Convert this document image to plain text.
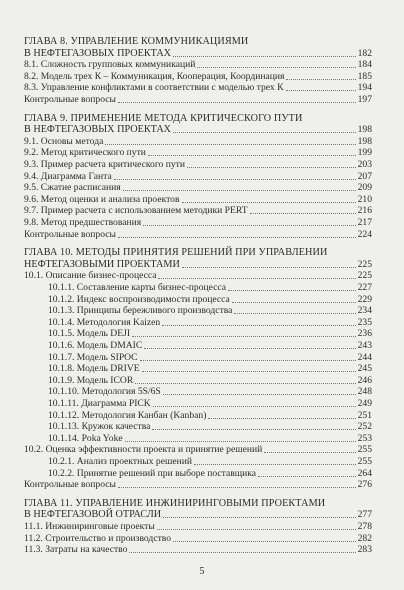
ГЛАВА 8. УПРАВЛЕНИЕ КОММУНИКАЦИЯМИ
В НЕФТЕГАЗОВЫХ ПРОЕКТАХ	182
8.1. Сложность групповых коммуникаций	184
8.2. Модель трех К – Коммуникация, Кооперация, Координация	185
8.3. Управление конфликтами в соответствии с моделью трех К	194
Контрольные вопросы	197
ГЛАВА 9. ПРИМЕНЕНИЕ МЕТОДА КРИТИЧЕСКОГО ПУТИ
В НЕФТЕГАЗОВЫХ ПРОЕКТАХ	198
9.1. Основы метода	198
9.2. Метод критического пути	199
9.3. Пример расчета критического пути	203
9.4. Диаграмма Ганта	207
9.5. Сжатие расписания	209
9.6. Метод оценки и анализа проектов	210
9.7. Пример расчета с использованием методики PERT	216
9.8. Метод предшествования	217
Контрольные вопросы	224
ГЛАВА 10. МЕТОДЫ ПРИНЯТИЯ РЕШЕНИЙ ПРИ УПРАВЛЕНИИ
НЕФТЕГАЗОВЫМИ ПРОЕКТАМИ	225
10.1. Описание бизнес-процесса	225
10.1.1. Составление карты бизнес-процесса	227
10.1.2. Индекс воспроизводимости процесса	229
10.1.3. Принципы бережливого производства	234
10.1.4. Методология Kaizen	235
10.1.5. Модель DEJI	236
10.1.6. Модель DMAIC	243
10.1.7. Модель SIPOC	244
10.1.8. Модель DRIVE	245
10.1.9. Модель ICOR	246
10.1.10. Методология 5S/6S	248
10.1.11. Диаграмма PICK	249
10.1.12. Методология Канбан (Kanban)	251
10.1.13. Кружок качества	252
10.1.14. Poka Yoke	253
10.2. Оценка эффективности проекта и принятие решений	255
10.2.1. Анализ проектных решений	255
10.2.2. Принятие решений при выборе поставщика	264
Контрольные вопросы	276
ГЛАВА 11. УПРАВЛЕНИЕ ИНЖИНИРИНГОВЫМИ ПРОЕКТАМИ
В НЕФТЕГАЗОВОЙ ОТРАСЛИ	277
11.1. Инжиниринговые проекты	278
11.2. Строительство и производство	282
11.3. Затраты на качество	283
5
